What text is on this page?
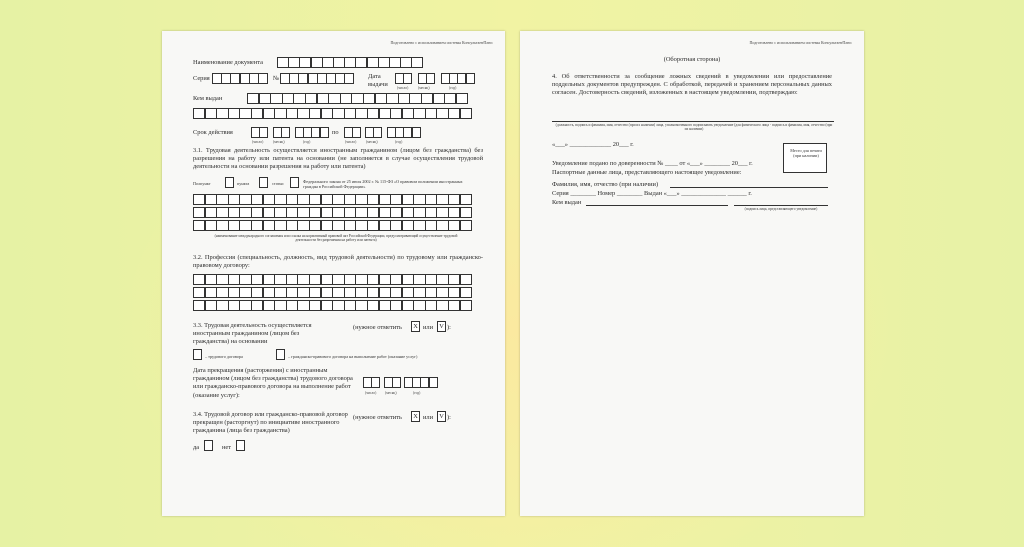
Подготовлено с использованием системы КонсультантПлюс
Наименование документа
Серия	№	Дата выдачи	(число)	(месяц)	(год)
Кем выдан
Срок действия	по
(число)	(месяц)	(год)	(число)	(месяц)	(год)
3.1. Трудовая деятельность осуществляется иностранным гражданином (лицом без гражданства) без разрешения на работу или патента на основании (не заполняется в случае осуществления трудовой деятельности на основании разрешения на работу или патента)
Полпункт	пункта	статьи	Федерального закона от 25 июля 2002 г. № 115-ФЗ «О правовом положении иностранных граждан в Российской Федерации»
(наименование международного соглашения или ссылка на нормативный правовой акт Российской Федерации, предусматривающий осуществление трудовой деятельности без разрешения на работу или патента)
3.2. Профессия (специальность, должность, вид трудовой деятельности) по трудовому или гражданско-правовому договору:
3.3. Трудовая деятельность осуществляется иностранным гражданином (лицом без гражданства) на основании
(нужное отметить	X или V ):
– трудового договора	– гражданско-правового договора на выполнение работ (оказание услуг)
Дата прекращения (расторжения) с иностранным гражданином (лицом без гражданства) трудового договора или гражданско-правового договора на выполнение работ (оказание услуг):	(число) (месяц)	(год)
3.4. Трудовой договор или гражданско-правовой договор прекращен (расторгнут) по инициативе иностранного гражданина (лица без гражданства)
(нужное отметить	X или V ):
да	нет
Подготовлено с использованием системы КонсультантПлюс
(Оборотная сторона)
4. Об ответственности за сообщение ложных сведений в уведомлении или предоставление поддельных документов предупрежден. С обработкой, передачей и хранением персональных данных согласен. Достоверность сведений, изложенных в настоящем уведомлении, подтверждаю:
(должность, подпись и фамилия, имя, отчество (при их наличии) лица, уполномоченного подписывать уведомление (для физического лица - подпись и фамилия, имя, отчество (при их наличии)
«___» _____________ 20___ г.
Место для печати (при наличии)
Уведомление подано по доверенности № ____ от «___» ________ 20___ г.
Паспортные данные лица, представляющего настоящее уведомление:
Фамилия, имя, отчество (при наличии)
Серия ________ Номер ________ Выдан «___» ______________ ______ г.
Кем выдан
(подпись лица, представляющего уведомление)
